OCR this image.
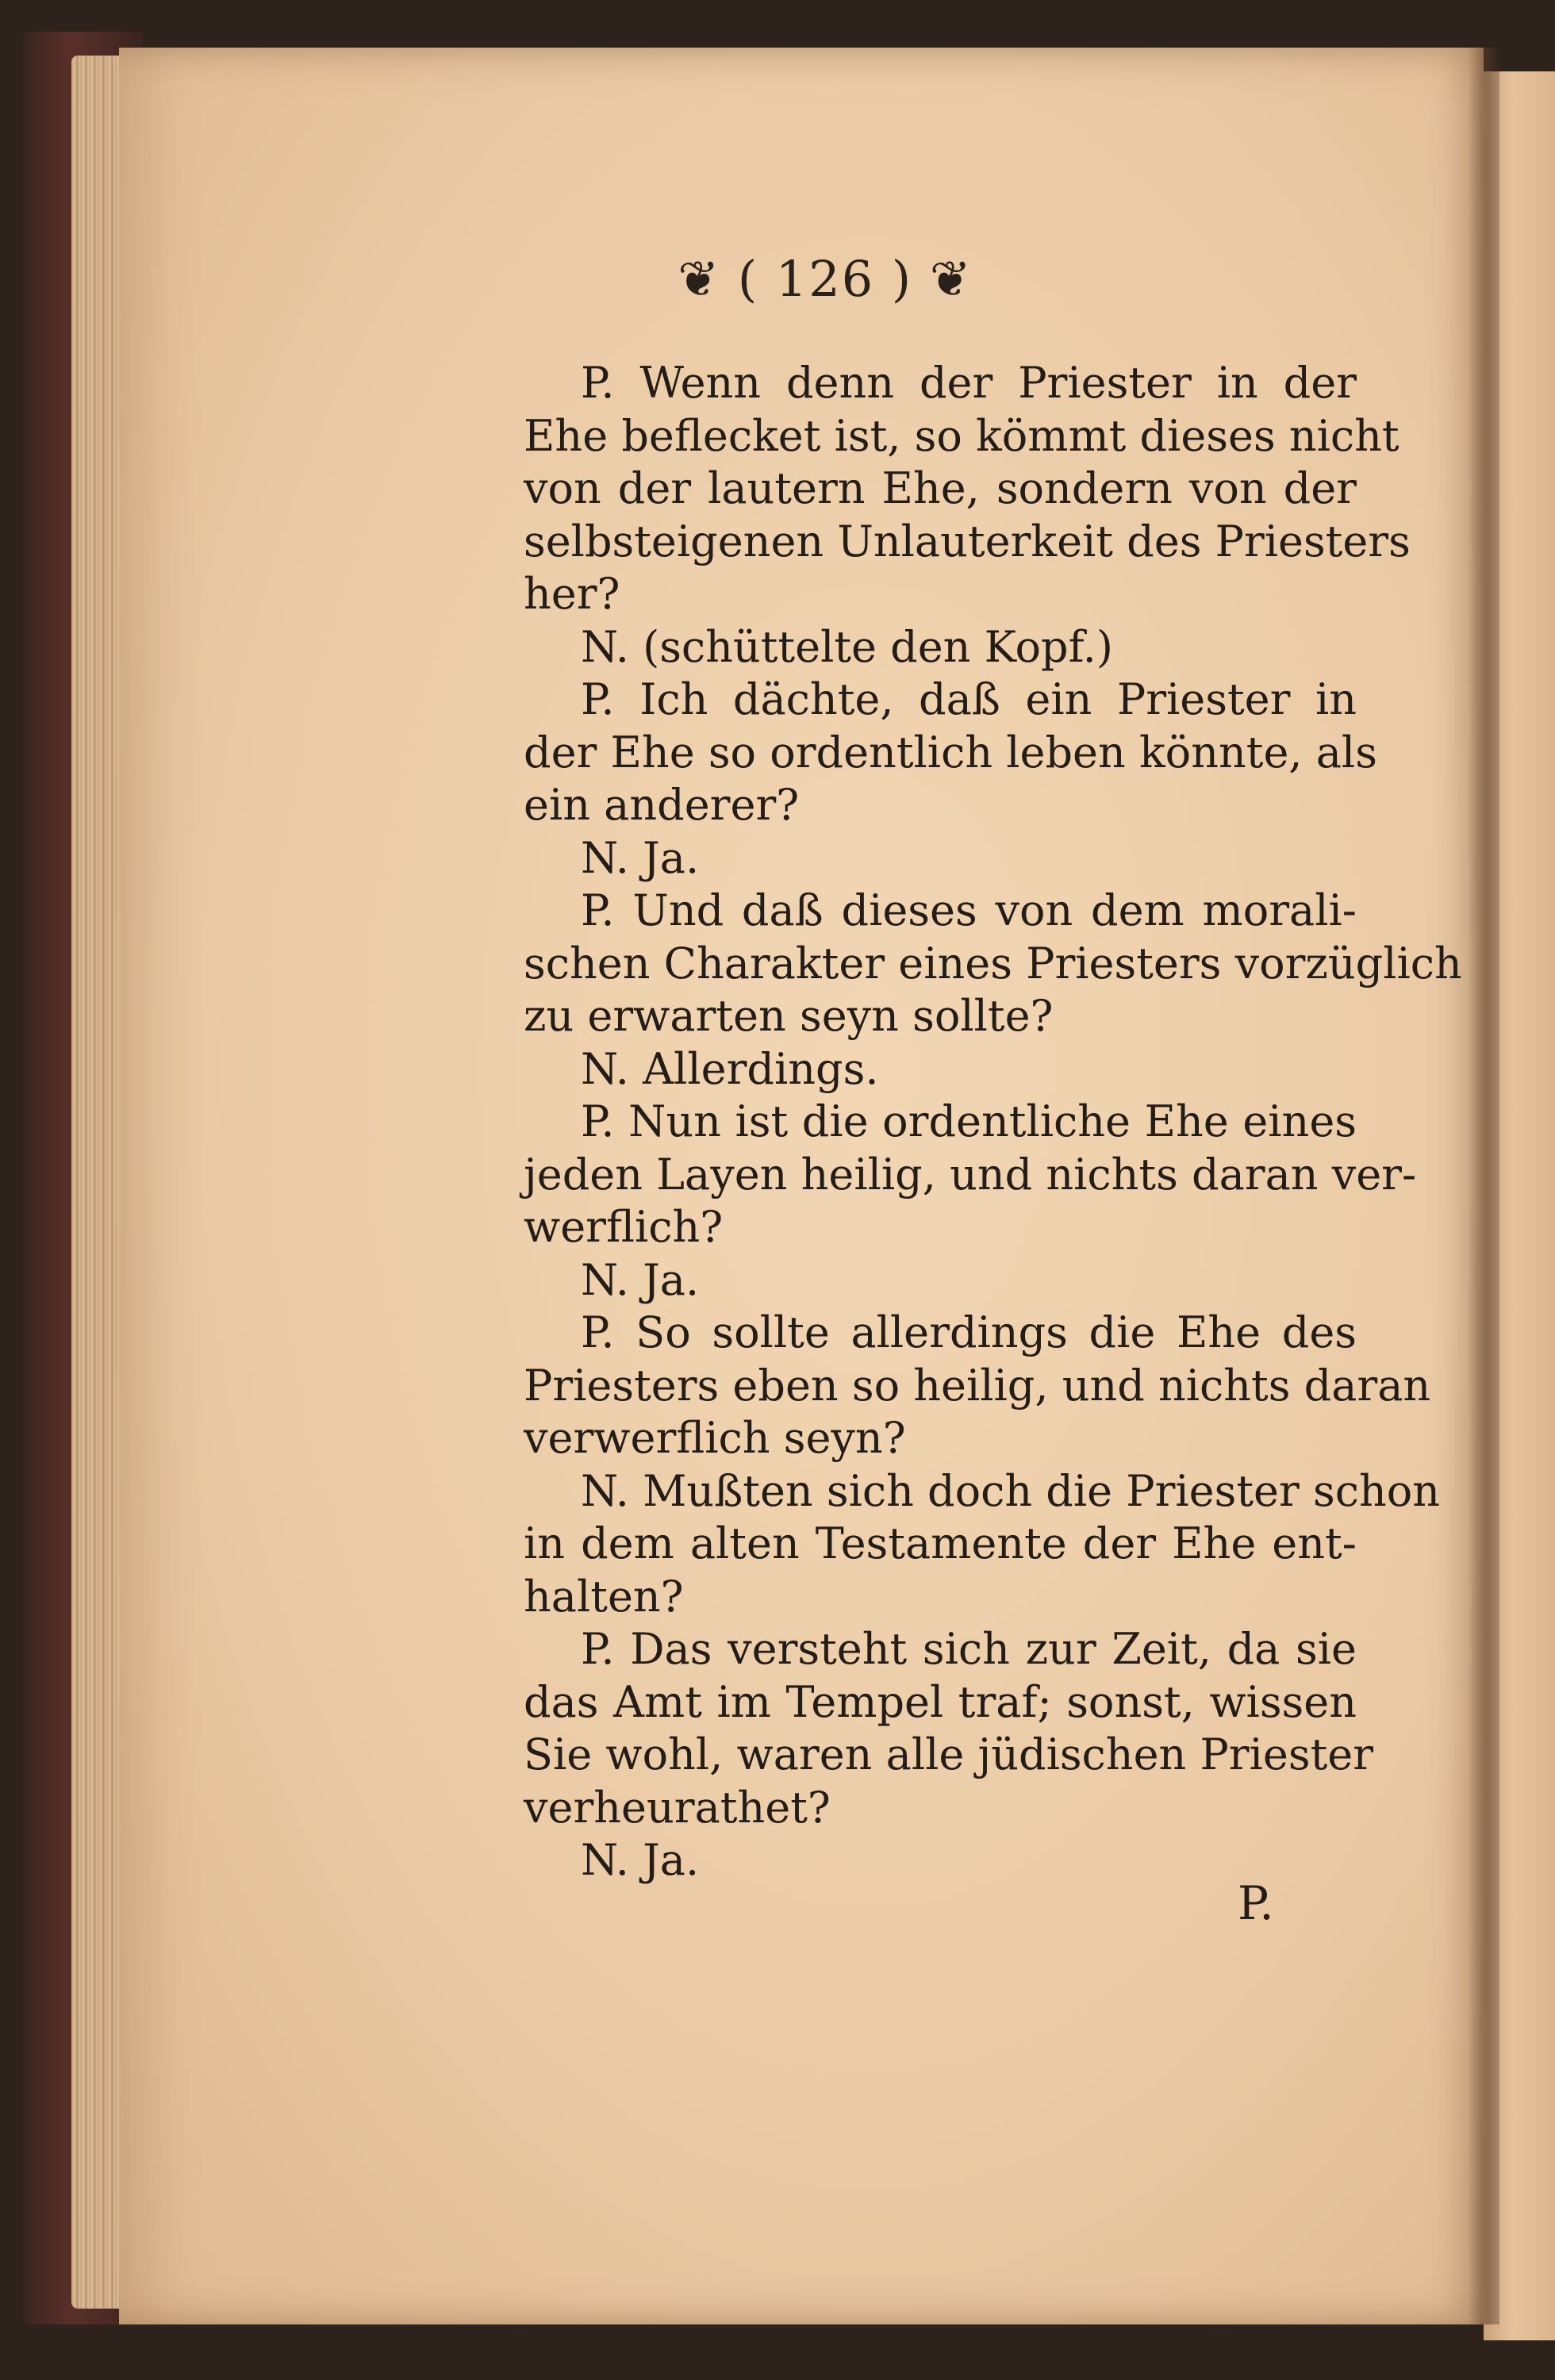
❦ ( 126 ) ❦
P. Wenn denn der Priester in der
Ehe beflecket ist, so kömmt dieses nicht
von der lautern Ehe, sondern von der
selbsteigenen Unlauterkeit des Priesters
her?
N. (schüttelte den Kopf.)
P. Ich dächte, daß ein Priester in
der Ehe so ordentlich leben könnte, als
ein anderer?
N. Ja.
P. Und daß dieses von dem morali-
schen Charakter eines Priesters vorzüglich
zu erwarten seyn sollte?
N. Allerdings.
P. Nun ist die ordentliche Ehe eines
jeden Layen heilig, und nichts daran ver-
werflich?
N. Ja.
P. So sollte allerdings die Ehe des
Priesters eben so heilig, und nichts daran
verwerflich seyn?
N. Mußten sich doch die Priester schon
in dem alten Testamente der Ehe ent-
halten?
P. Das versteht sich zur Zeit, da sie
das Amt im Tempel traf; sonst, wissen
Sie wohl, waren alle jüdischen Priester
verheurathet?
N. Ja.
P.
